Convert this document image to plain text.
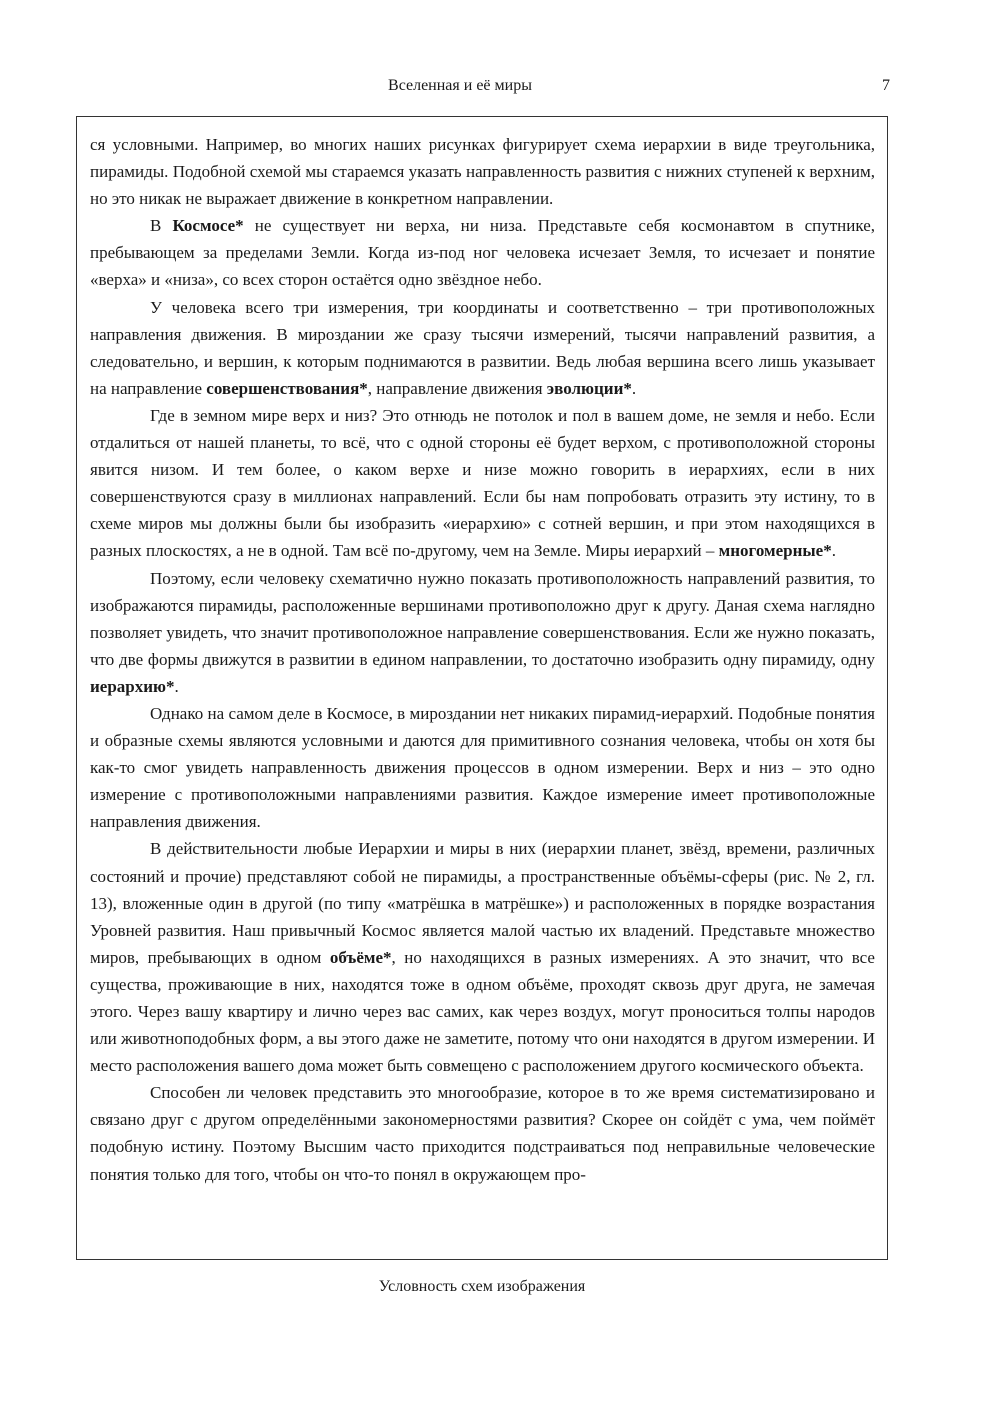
Вселенная и её миры	7

ся условными. Например, во многих наших рисунках фигурирует схема иерархии в виде треугольника, пирамиды. Подобной схемой мы стараемся указать направленность развития с нижних ступеней к верхним, но это никак не выражает движение в конкретном направлении.

В Космосе* не существует ни верха, ни низа. Представьте себя космонавтом в спутнике, пребывающем за пределами Земли. Когда из-под ног человека исчезает Земля, то исчезает и понятие «верха» и «низа», со всех сторон остаётся одно звёздное небо.

У человека всего три измерения, три координаты и соответственно – три противоположных направления движения. В мироздании же сразу тысячи измерений, тысячи направлений развития, а следовательно, и вершин, к которым поднимаются в развитии. Ведь любая вершина всего лишь указывает на направление совершенствования*, направление движения эволюции*.

Где в земном мире верх и низ? Это отнюдь не потолок и пол в вашем доме, не земля и небо. Если отдалиться от нашей планеты, то всё, что с одной стороны её будет верхом, с противоположной стороны явится низом. И тем более, о каком верхе и низе можно говорить в иерархиях, если в них совершенствуются сразу в миллионах направлений. Если бы нам попробовать отразить эту истину, то в схеме миров мы должны были бы изобразить «иерархию» с сотней вершин, и при этом находящихся в разных плоскостях, а не в одной. Там всё по-другому, чем на Земле. Миры иерархий – многомерные*.

Поэтому, если человеку схематично нужно показать противоположность направлений развития, то изображаются пирамиды, расположенные вершинами противоположно друг к другу. Даная схема наглядно позволяет увидеть, что значит противоположное направление совершенствования. Если же нужно показать, что две формы движутся в развитии в едином направлении, то достаточно изобразить одну пирамиду, одну иерархию*.

Однако на самом деле в Космосе, в мироздании нет никаких пирамид-иерархий. Подобные понятия и образные схемы являются условными и даются для примитивного сознания человека, чтобы он хотя бы как-то смог увидеть направленность движения процессов в одном измерении. Верх и низ – это одно измерение с противоположными направлениями развития. Каждое измерение имеет противоположные направления движения.

В действительности любые Иерархии и миры в них (иерархии планет, звёзд, времени, различных состояний и прочие) представляют собой не пирамиды, а пространственные объёмы-сферы (рис. № 2, гл. 13), вложенные один в другой (по типу «матрёшка в матрёшке») и расположенных в порядке возрастания Уровней развития. Наш привычный Космос является малой частью их владений. Представьте множество миров, пребывающих в одном объёме*, но находящихся в разных измерениях. А это значит, что все существа, проживающие в них, находятся тоже в одном объёме, проходят сквозь друг друга, не замечая этого. Через вашу квартиру и лично через вас самих, как через воздух, могут проноситься толпы народов или животноподобных форм, а вы этого даже не заметите, потому что они находятся в другом измерении. И место расположения вашего дома может быть совмещено с расположением другого космического объекта.

Способен ли человек представить это многообразие, которое в то же время систематизировано и связано друг с другом определёнными закономерностями развития? Скорее он сойдёт с ума, чем поймёт подобную истину. Поэтому Высшим часто приходится подстраиваться под неправильные человеческие понятия только для того, чтобы он что-то понял в окружающем про-

Условность схем изображения
